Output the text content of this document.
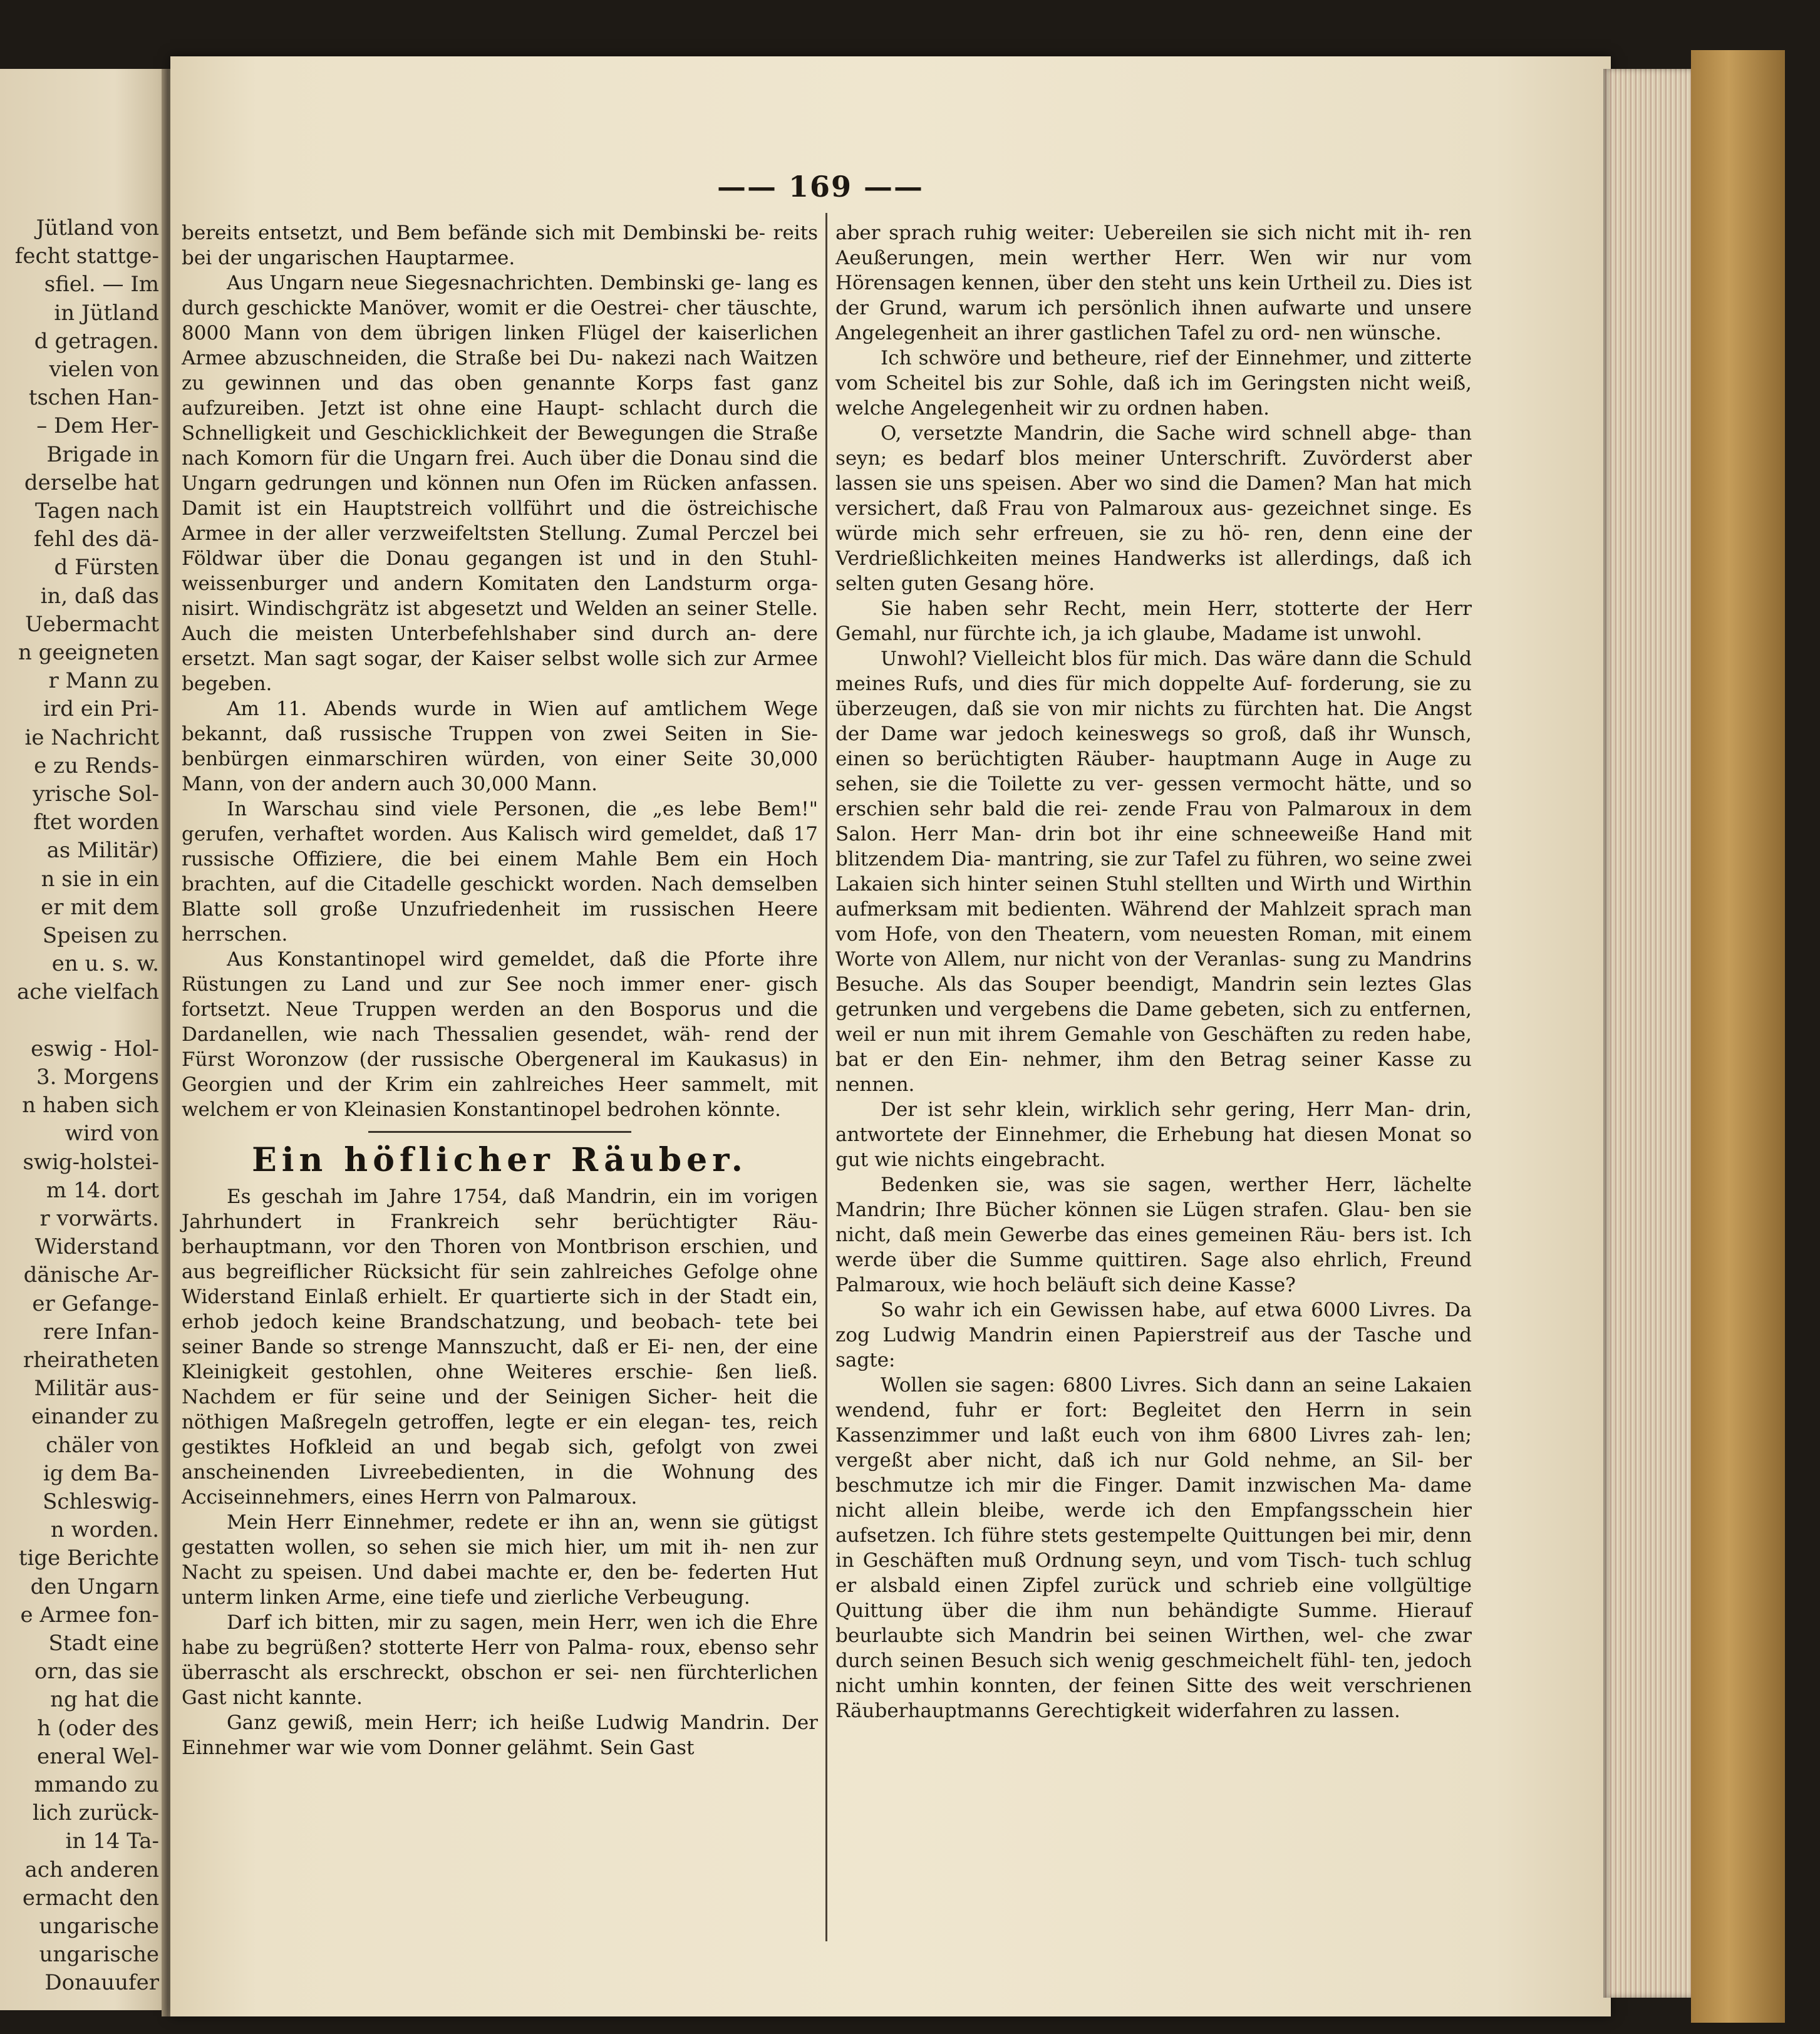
Jütland von
fecht stattge-
sfiel. — Im
in Jütland
d getragen.
vielen von
tschen Han-
– Dem Her-
Brigade in
derselbe hat
Tagen nach
fehl des dä-
d Fürsten
in, daß das
Uebermacht
n geeigneten
r Mann zu
ird ein Pri-
ie Nachricht
e zu Rends-
yrische Sol-
ftet worden
as Militär)
n sie in ein
er mit dem
Speisen zu
en u. s. w.
ache vielfach
eswig - Hol-
3. Morgens
n haben sich
wird von
swig-holstei-
m 14. dort
r vorwärts.
Widerstand
dänische Ar-
er Gefange-
rere Infan-
rheiratheten
Militär aus-
einander zu
chäler von
ig dem Ba-
Schleswig-
n worden.
tige Berichte
den Ungarn
e Armee fon-
Stadt eine
orn, das sie
ng hat die
h (oder des
eneral Wel-
mmando zu
lich zurück-
in 14 Ta-
ach anderen
ermacht den
ungarische
ungarische
Donauufer
—— 169 ——

bereits entsetzt, und Bem befände sich mit Dembinski be- reits bei der ungarischen Hauptarmee.

Aus Ungarn neue Siegesnachrichten. Dembinski ge- lang es durch geschickte Manöver, womit er die Oestrei- cher täuschte, 8000 Mann von dem übrigen linken Flügel der kaiserlichen Armee abzuschneiden, die Straße bei Du- nakezi nach Waitzen zu gewinnen und das oben genannte Korps fast ganz aufzureiben. Jetzt ist ohne eine Haupt- schlacht durch die Schnelligkeit und Geschicklichkeit der Bewegungen die Straße nach Komorn für die Ungarn frei. Auch über die Donau sind die Ungarn gedrungen und können nun Ofen im Rücken anfassen. Damit ist ein Hauptstreich vollführt und die östreichische Armee in der aller verzweifeltsten Stellung. Zumal Perczel bei Földwar über die Donau gegangen ist und in den Stuhl- weissenburger und andern Komitaten den Landsturm orga- nisirt. Windischgrätz ist abgesetzt und Welden an seiner Stelle. Auch die meisten Unterbefehlshaber sind durch an- dere ersetzt. Man sagt sogar, der Kaiser selbst wolle sich zur Armee begeben.

Am 11. Abends wurde in Wien auf amtlichem Wege bekannt, daß russische Truppen von zwei Seiten in Sie- benbürgen einmarschiren würden, von einer Seite 30,000 Mann, von der andern auch 30,000 Mann.

In Warschau sind viele Personen, die „es lebe Bem!" gerufen, verhaftet worden. Aus Kalisch wird gemeldet, daß 17 russische Offiziere, die bei einem Mahle Bem ein Hoch brachten, auf die Citadelle geschickt worden. Nach demselben Blatte soll große Unzufriedenheit im russischen Heere herrschen.

Aus Konstantinopel wird gemeldet, daß die Pforte ihre Rüstungen zu Land und zur See noch immer ener- gisch fortsetzt. Neue Truppen werden an den Bosporus und die Dardanellen, wie nach Thessalien gesendet, wäh- rend der Fürst Woronzow (der russische Obergeneral im Kaukasus) in Georgien und der Krim ein zahlreiches Heer sammelt, mit welchem er von Kleinasien Konstantinopel bedrohen könnte.

Ein höflicher Räuber.

Es geschah im Jahre 1754, daß Mandrin, ein im vorigen Jahrhundert in Frankreich sehr berüchtigter Räu- berhauptmann, vor den Thoren von Montbrison erschien, und aus begreiflicher Rücksicht für sein zahlreiches Gefolge ohne Widerstand Einlaß erhielt. Er quartierte sich in der Stadt ein, erhob jedoch keine Brandschatzung, und beobach- tete bei seiner Bande so strenge Mannszucht, daß er Ei- nen, der eine Kleinigkeit gestohlen, ohne Weiteres erschie- ßen ließ. Nachdem er für seine und der Seinigen Sicher- heit die nöthigen Maßregeln getroffen, legte er ein elegan- tes, reich gestiktes Hofkleid an und begab sich, gefolgt von zwei anscheinenden Livreebedienten, in die Wohnung des Acciseinnehmers, eines Herrn von Palmaroux.

Mein Herr Einnehmer, redete er ihn an, wenn sie gütigst gestatten wollen, so sehen sie mich hier, um mit ih- nen zur Nacht zu speisen. Und dabei machte er, den be- federten Hut unterm linken Arme, eine tiefe und zierliche Verbeugung.

Darf ich bitten, mir zu sagen, mein Herr, wen ich die Ehre habe zu begrüßen? stotterte Herr von Palma- roux, ebenso sehr überrascht als erschreckt, obschon er sei- nen fürchterlichen Gast nicht kannte.

Ganz gewiß, mein Herr; ich heiße Ludwig Mandrin. Der Einnehmer war wie vom Donner gelähmt. Sein Gast

aber sprach ruhig weiter: Uebereilen sie sich nicht mit ih- ren Aeußerungen, mein werther Herr. Wen wir nur vom Hörensagen kennen, über den steht uns kein Urtheil zu. Dies ist der Grund, warum ich persönlich ihnen aufwarte und unsere Angelegenheit an ihrer gastlichen Tafel zu ord- nen wünsche.

Ich schwöre und betheure, rief der Einnehmer, und zitterte vom Scheitel bis zur Sohle, daß ich im Geringsten nicht weiß, welche Angelegenheit wir zu ordnen haben.

O, versetzte Mandrin, die Sache wird schnell abge- than seyn; es bedarf blos meiner Unterschrift. Zuvörderst aber lassen sie uns speisen. Aber wo sind die Damen? Man hat mich versichert, daß Frau von Palmaroux aus- gezeichnet singe. Es würde mich sehr erfreuen, sie zu hö- ren, denn eine der Verdrießlichkeiten meines Handwerks ist allerdings, daß ich selten guten Gesang höre.

Sie haben sehr Recht, mein Herr, stotterte der Herr Gemahl, nur fürchte ich, ja ich glaube, Madame ist unwohl.

Unwohl? Vielleicht blos für mich. Das wäre dann die Schuld meines Rufs, und dies für mich doppelte Auf- forderung, sie zu überzeugen, daß sie von mir nichts zu fürchten hat. Die Angst der Dame war jedoch keineswegs so groß, daß ihr Wunsch, einen so berüchtigten Räuber- hauptmann Auge in Auge zu sehen, sie die Toilette zu ver- gessen vermocht hätte, und so erschien sehr bald die rei- zende Frau von Palmaroux in dem Salon. Herr Man- drin bot ihr eine schneeweiße Hand mit blitzendem Dia- mantring, sie zur Tafel zu führen, wo seine zwei Lakaien sich hinter seinen Stuhl stellten und Wirth und Wirthin aufmerksam mit bedienten. Während der Mahlzeit sprach man vom Hofe, von den Theatern, vom neuesten Roman, mit einem Worte von Allem, nur nicht von der Veranlas- sung zu Mandrins Besuche. Als das Souper beendigt, Mandrin sein leztes Glas getrunken und vergebens die Dame gebeten, sich zu entfernen, weil er nun mit ihrem Gemahle von Geschäften zu reden habe, bat er den Ein- nehmer, ihm den Betrag seiner Kasse zu nennen.

Der ist sehr klein, wirklich sehr gering, Herr Man- drin, antwortete der Einnehmer, die Erhebung hat diesen Monat so gut wie nichts eingebracht.

Bedenken sie, was sie sagen, werther Herr, lächelte Mandrin; Ihre Bücher können sie Lügen strafen. Glau- ben sie nicht, daß mein Gewerbe das eines gemeinen Räu- bers ist. Ich werde über die Summe quittiren. Sage also ehrlich, Freund Palmaroux, wie hoch beläuft sich deine Kasse?

So wahr ich ein Gewissen habe, auf etwa 6000 Livres. Da zog Ludwig Mandrin einen Papierstreif aus der Tasche und sagte:

Wollen sie sagen: 6800 Livres. Sich dann an seine Lakaien wendend, fuhr er fort: Begleitet den Herrn in sein Kassenzimmer und laßt euch von ihm 6800 Livres zah- len; vergeßt aber nicht, daß ich nur Gold nehme, an Sil- ber beschmutze ich mir die Finger. Damit inzwischen Ma- dame nicht allein bleibe, werde ich den Empfangsschein hier aufsetzen. Ich führe stets gestempelte Quittungen bei mir, denn in Geschäften muß Ordnung seyn, und vom Tisch- tuch schlug er alsbald einen Zipfel zurück und schrieb eine vollgültige Quittung über die ihm nun behändigte Summe. Hierauf beurlaubte sich Mandrin bei seinen Wirthen, wel- che zwar durch seinen Besuch sich wenig geschmeichelt fühl- ten, jedoch nicht umhin konnten, der feinen Sitte des weit verschrienen Räuberhauptmanns Gerechtigkeit widerfahren zu lassen.
